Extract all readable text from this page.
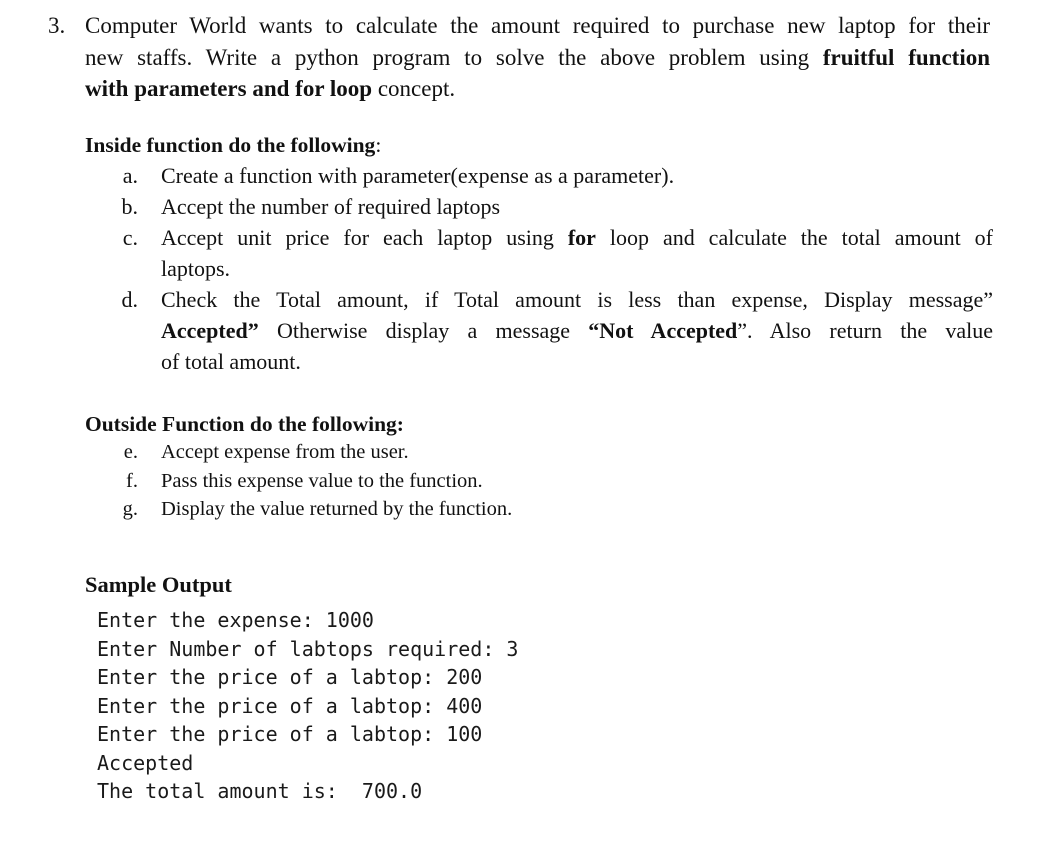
3. Computer World wants to calculate the amount required to purchase new laptop for their
new staffs. Write a python program to solve the above problem using fruitful function
with parameters and for loop concept.
Inside function do the following:
a. Create a function with parameter(expense as a parameter).
b. Accept the number of required laptops
c. Accept unit price for each laptop using for loop and calculate the total amount of
laptops.
d. Check the Total amount, if Total amount is less than expense, Display message”
Accepted” Otherwise display a message “Not Accepted”. Also return the value
of total amount.
Outside Function do the following:
e. Accept expense from the user.
f. Pass this expense value to the function.
g. Display the value returned by the function.
Sample Output
Enter the expense: 1000
Enter Number of labtops required: 3
Enter the price of a labtop: 200
Enter the price of a labtop: 400
Enter the price of a labtop: 100
Accepted
The total amount is:  700.0
